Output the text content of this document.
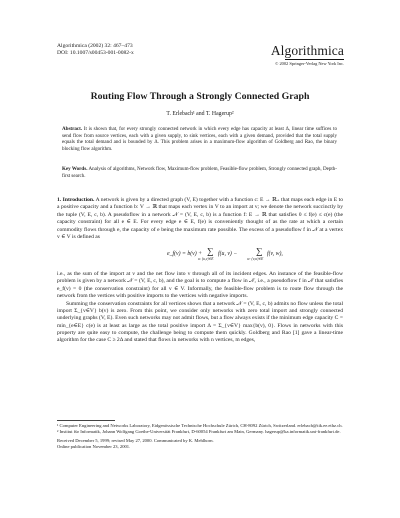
Algorithmica (2002) 32: 467–473
DOI: 10.1007/s00453-001-0082-x	Algorithmica
© 2002 Springer-Verlag New York Inc.
Routing Flow Through a Strongly Connected Graph
T. Erlebach¹ and T. Hagerup²
Abstract. It is shown that, for every strongly connected network in which every edge has capacity at least Δ, linear time suffices to send flow from source vertices, each with a given supply, to sink vertices, each with a given demand, provided that the total supply equals the total demand and is bounded by Δ. This problem arises in a maximum-flow algorithm of Goldberg and Rao, the binary blocking flow algorithm.
Key Words. Analysis of algorithms, Network flow, Maximum-flow problem, Feasible-flow problem, Strongly connected graph, Depth-first search.

1. Introduction. A network is given by a directed graph (V, E) together with a function c: E → ℝ₊ that maps each edge in E to a positive capacity and a function b: V → ℝ that maps each vertex in V to an import at v; we denote the network succinctly by the tuple (V, E, c, b). A pseudoflow in a network 𝒩 = (V, E, c, b) is a function f: E → ℝ that satisfies 0 ≤ f(e) ≤ c(e) (the capacity constraint) for all e ∈ E. For every edge e ∈ E, f(e) is conveniently thought of as the rate at which a certain commodity flows through e, the capacity of e being the maximum rate possible. The excess of a pseudoflow f in 𝒩 at a vertex v ∈ V is defined as

e_f(v) = b(v) + ∑
u: (u,v)∈E
f(u, v) − ∑
w: (v,w)∈E
f(v, w),

i.e., as the sum of the import at v and the net flow into v through all of its incident edges. An instance of the feasible-flow problem is given by a network 𝒩 = (V, E, c, b), and the goal is to compute a flow in 𝒩, i.e., a pseudoflow f in 𝒩 that satisfies e_f(v) = 0 (the conservation constraint) for all v ∈ V. Informally, the feasible-flow problem is to route flow through the network from the vertices with positive imports to the vertices with negative imports.

Summing the conservation constraints for all vertices shows that a network 𝒩 = (V, E, c, b) admits no flow unless the total import Σ_{v∈V} b(v) is zero. From this point, we consider only networks with zero total import and strongly connected underlying graphs (V, E). Even such networks may not admit flows, but a flow always exists if the minimum edge capacity C = min_{e∈E} c(e) is at least as large as the total positive import Δ = Σ_{v∈V} max{b(v), 0}. Flows in networks with this property are quite easy to compute, the challenge being to compute them quickly. Goldberg and Rao [1] gave a linear-time algorithm for the case C ≥ 2Δ and stated that flows in networks with n vertices, m edges,

¹ Computer Engineering and Networks Laboratory, Eidgenössische Technische Hochschule Zürich, CH-8092 Zürich, Switzerland. erlebach@tik.ee.ethz.ch.

² Institut für Informatik, Johann Wolfgang Goethe-Universität Frankfurt, D-60054 Frankfurt am Main, Germany. hagerup@ka.informatik.uni-frankfurt.de.

Received December 5, 1999; revised May 27, 2000. Communicated by K. Mehlhorn.

Online publication November 23, 2001.
